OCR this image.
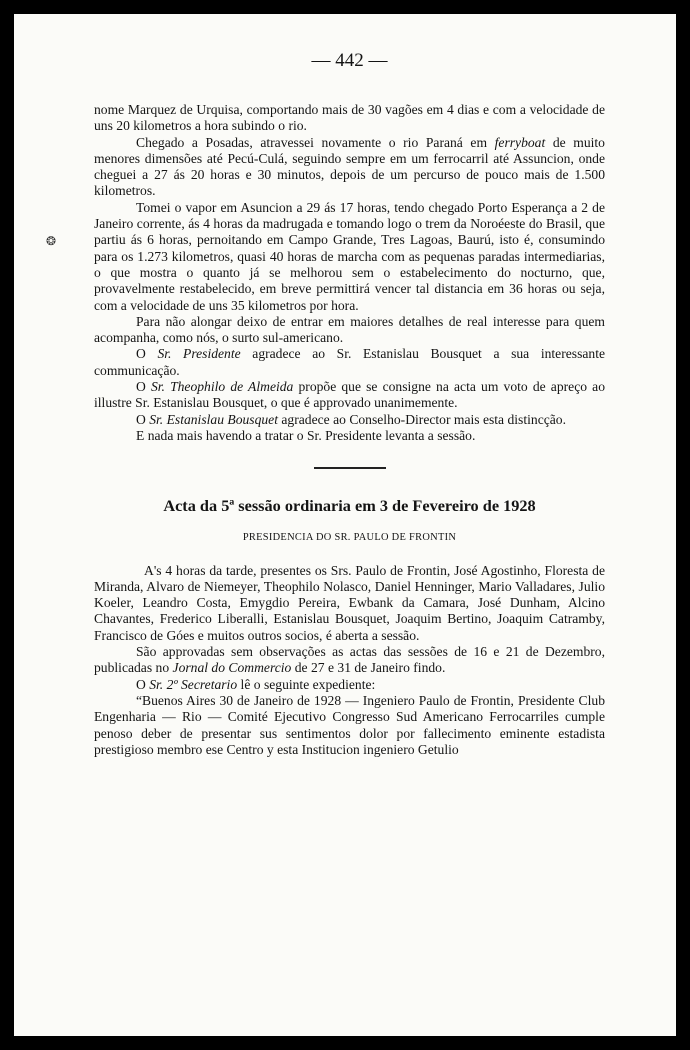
❂
— 442 —

nome Marquez de Urquisa, comportando mais de 30 vagões em 4 dias e com a velocidade de uns 20 kilometros a hora subindo o rio.

Chegado a Posadas, atravessei novamente o rio Paraná em ferryboat de muito menores dimensões até Pecú-Culá, seguindo sempre em um ferrocarril até Assuncion, onde cheguei a 27 ás 20 horas e 30 minutos, depois de um percurso de pouco mais de 1.500 kilometros.

Tomei o vapor em Asuncion a 29 ás 17 horas, tendo chegado Porto Esperança a 2 de Janeiro corrente, ás 4 horas da madrugada e tomando logo o trem da Noroéeste do Brasil, que partiu ás 6 horas, pernoitando em Campo Grande, Tres Lagoas, Baurú, isto é, consumindo para os 1.273 kilometros, quasi 40 horas de marcha com as pequenas paradas intermediarias, o que mostra o quanto já se melhorou sem o estabelecimento do nocturno, que, provavelmente restabelecido, em breve permittirá vencer tal distancia em 36 horas ou seja, com a velocidade de uns 35 kilometros por hora.

Para não alongar deixo de entrar em maiores detalhes de real interesse para quem acompanha, como nós, o surto sul-americano.

O Sr. Presidente agradece ao Sr. Estanislau Bousquet a sua interessante communicação.

O Sr. Theophilo de Almeida propõe que se consigne na acta um voto de apreço ao illustre Sr. Estanislau Bousquet, o que é approvado unanimemente.

O Sr. Estanislau Bousquet agradece ao Conselho-Director mais esta distincção.

E nada mais havendo a tratar o Sr. Presidente levanta a sessão.

Acta da 5ª sessão ordinaria em 3 de Fevereiro de 1928
PRESIDENCIA DO SR. PAULO DE FRONTIN

A's 4 horas da tarde, presentes os Srs. Paulo de Frontin, José Agostinho, Floresta de Miranda, Alvaro de Niemeyer, Theophilo Nolasco, Daniel Henninger, Mario Valladares, Julio Koeler, Leandro Costa, Emygdio Pereira, Ewbank da Camara, José Dunham, Alcino Chavantes, Frederico Liberalli, Estanislau Bousquet, Joaquim Bertino, Joaquim Catramby, Francisco de Góes e muitos outros socios, é aberta a sessão.

São approvadas sem observações as actas das sessões de 16 e 21 de Dezembro, publicadas no Jornal do Commercio de 27 e 31 de Janeiro findo.

O Sr. 2º Secretario lê o seguinte expediente:

“Buenos Aires 30 de Janeiro de 1928 — Ingeniero Paulo de Frontin, Presidente Club Engenharia — Rio — Comité Ejecutivo Congresso Sud Americano Ferrocarriles cumple penoso deber de presentar sus sentimentos dolor por fallecimento eminente estadista prestigioso membro ese Centro y esta Institucion ingeniero Getulio
